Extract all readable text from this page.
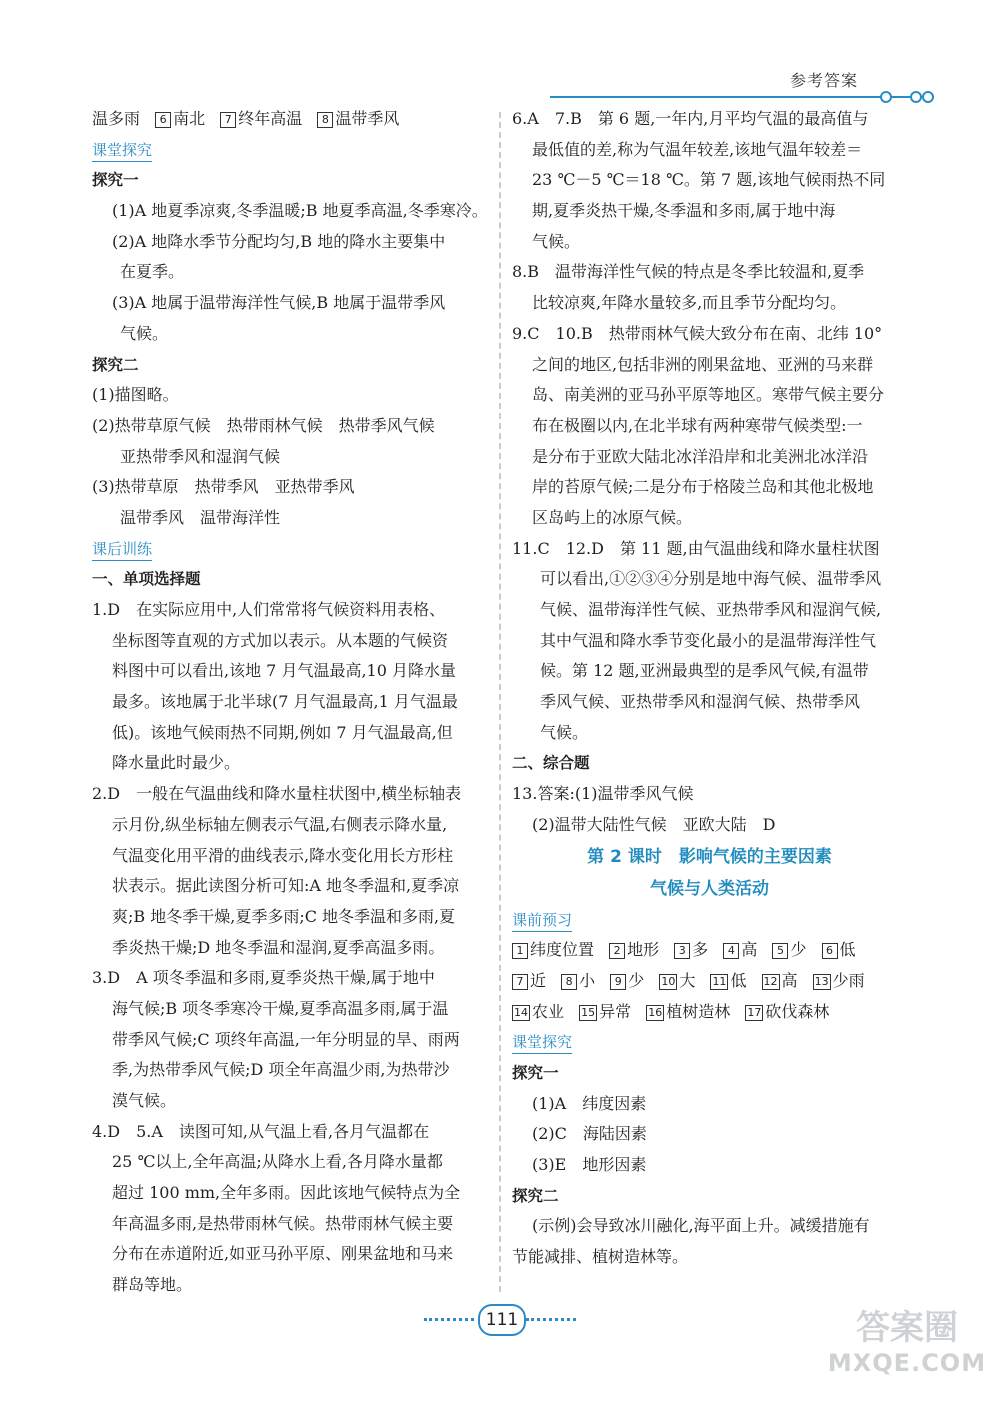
参考答案
温多雨 6 南北 7 终年高温 8 温带季风
课堂探究
探究一
(1)A 地夏季凉爽,冬季温暖;B 地夏季高温,冬季寒冷。
(2)A 地降水季节分配均匀,B 地的降水主要集中
在夏季。
(3)A 地属于温带海洋性气候,B 地属于温带季风
气候。
探究二
(1)描图略。
(2)热带草原气候　热带雨林气候　热带季风气候
亚热带季风和湿润气候
(3)热带草原　热带季风　亚热带季风
温带季风　温带海洋性
课后训练
一、单项选择题
1.D　在实际应用中,人们常常将气候资料用表格、
坐标图等直观的方式加以表示。从本题的气候资
料图中可以看出,该地 7 月气温最高,10 月降水量
最多。该地属于北半球(7 月气温最高,1 月气温最
低)。该地气候雨热不同期,例如 7 月气温最高,但
降水量此时最少。
2.D　一般在气温曲线和降水量柱状图中,横坐标轴表
示月份,纵坐标轴左侧表示气温,右侧表示降水量,
气温变化用平滑的曲线表示,降水变化用长方形柱
状表示。据此读图分析可知:A 地冬季温和,夏季凉
爽;B 地冬季干燥,夏季多雨;C 地冬季温和多雨,夏
季炎热干燥;D 地冬季温和湿润,夏季高温多雨。
3.D　A 项冬季温和多雨,夏季炎热干燥,属于地中
海气候;B 项冬季寒冷干燥,夏季高温多雨,属于温
带季风气候;C 项终年高温,一年分明显的旱、雨两
季,为热带季风气候;D 项全年高温少雨,为热带沙
漠气候。
4.D　5.A　读图可知,从气温上看,各月气温都在
25 ℃以上,全年高温;从降水上看,各月降水量都
超过 100 mm,全年多雨。因此该地气候特点为全
年高温多雨,是热带雨林气候。热带雨林气候主要
分布在赤道附近,如亚马孙平原、刚果盆地和马来
群岛等地。
6.A　7.B　第 6 题,一年内,月平均气温的最高值与
最低值的差,称为气温年较差,该地气温年较差＝
23 ℃－5 ℃＝18 ℃。第 7 题,该地气候雨热不同
期,夏季炎热干燥,冬季温和多雨,属于地中海
气候。
8.B　温带海洋性气候的特点是冬季比较温和,夏季
比较凉爽,年降水量较多,而且季节分配均匀。
9.C　10.B　热带雨林气候大致分布在南、北纬 10°
之间的地区,包括非洲的刚果盆地、亚洲的马来群
岛、南美洲的亚马孙平原等地区。寒带气候主要分
布在极圈以内,在北半球有两种寒带气候类型:一
是分布于亚欧大陆北冰洋沿岸和北美洲北冰洋沿
岸的苔原气候;二是分布于格陵兰岛和其他北极地
区岛屿上的冰原气候。
11.C　12.D　第 11 题,由气温曲线和降水量柱状图
可以看出,①②③④分别是地中海气候、温带季风
气候、温带海洋性气候、亚热带季风和湿润气候,
其中气温和降水季节变化最小的是温带海洋性气
候。第 12 题,亚洲最典型的是季风气候,有温带
季风气候、亚热带季风和湿润气候、热带季风
气候。
二、综合题
13.答案:(1)温带季风气候
(2)温带大陆性气候　亚欧大陆　D
第 2 课时　影响气候的主要因素
气候与人类活动
课前预习
1 纬度位置 2 地形 3 多 4 高 5 少 6 低
7 近 8 小 9 少 10 大 11 低 12 高 13 少雨
14 农业 15 异常 16 植树造林 17 砍伐森林
课堂探究
探究一
(1)A　纬度因素
(2)C　海陆因素
(3)E　地形因素
探究二
(示例)会导致冰川融化,海平面上升。减缓措施有
节能减排、植树造林等。
111	答案圈
MXQE.COM
